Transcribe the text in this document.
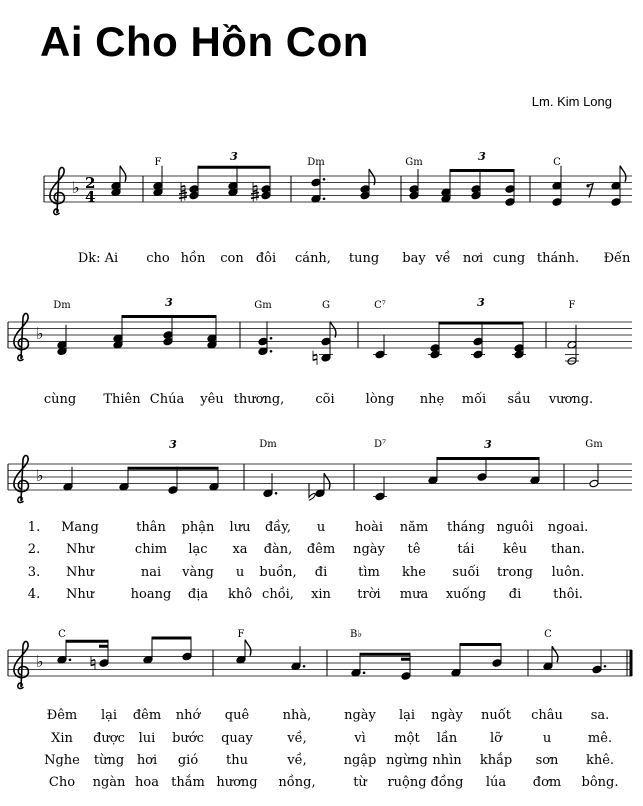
Ai Cho Hồn Con
Lm. Kim Long
♭ 2
4
F	Dm	Gm	C
Dk: Ai cho hồn con đôi cánh, tung bay về nơi cung thánh. Đến
3	3
♭
Dm	Gm	G	C⁷	F
cùng Thiên Chúa yêu thương, cõi lòng nhẹ mối sầu vương.
3	3
♭
Dm	D⁷	Gm
1. Mang	thân phận lưu đầy, u hoài năm tháng nguôi ngoai.
2. Như	chim lạc xa đàn, đêm ngày tê	tái kêu than.
3. Như	nai vàng u buồn, đi tìm khe suối trong luôn.
4. Như	hoang địa khô chồi, xin trời mưa xuống đi thôi.
3	3
♭
C	F	B♭	C
Đêm lại đêm nhớ quê	nhà,	ngày lại ngày nuốt châu sa.
Xin được lui bước quay	về,	vì một lần	lỡ	u	mê.
Nghe từng hơi gió thu	về,	ngập ngừng nhìn khắp sơn khê.
Cho ngàn hoa thắm hương nồng,	từ ruộng đồng lúa đơm bông.
